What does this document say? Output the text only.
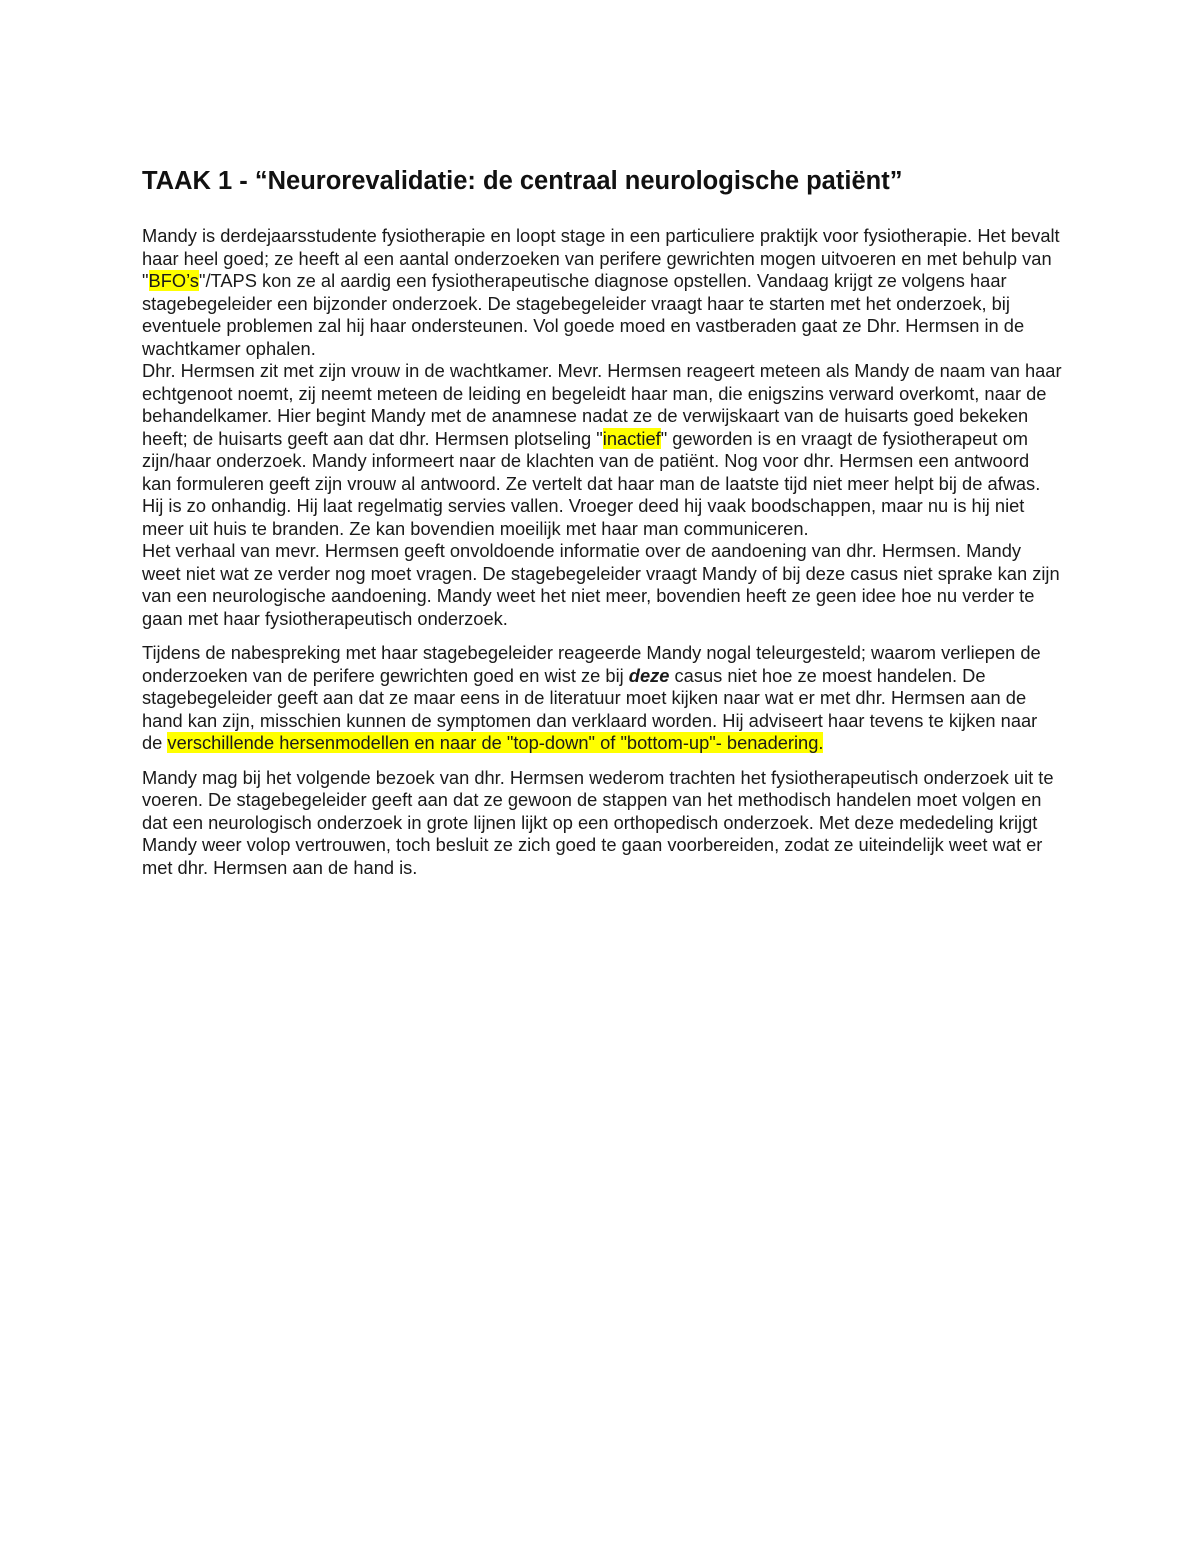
TAAK 1 - “Neurorevalidatie: de centraal neurologische patiënt”

Mandy is derdejaarsstudente fysiotherapie en loopt stage in een particuliere praktijk voor fysiotherapie. Het bevalt haar heel goed; ze heeft al een aantal onderzoeken van perifere gewrichten mogen uitvoeren en met behulp van "BFO’s"/TAPS kon ze al aardig een fysiotherapeutische diagnose opstellen. Vandaag krijgt ze volgens haar stagebegeleider een bijzonder onderzoek. De stagebegeleider vraagt haar te starten met het onderzoek, bij eventuele problemen zal hij haar ondersteunen. Vol goede moed en vastberaden gaat ze Dhr. Hermsen in de wachtkamer ophalen.

Dhr. Hermsen zit met zijn vrouw in de wachtkamer. Mevr. Hermsen reageert meteen als Mandy de naam van haar echtgenoot noemt, zij neemt meteen de leiding en begeleidt haar man, die enigszins verward overkomt, naar de behandelkamer. Hier begint Mandy met de anamnese nadat ze de verwijskaart van de huisarts goed bekeken heeft; de huisarts geeft aan dat dhr. Hermsen plotseling "inactief" geworden is en vraagt de fysiotherapeut om zijn/haar onderzoek. Mandy informeert naar de klachten van de patiënt. Nog voor dhr. Hermsen een antwoord kan formuleren geeft zijn vrouw al antwoord. Ze vertelt dat haar man de laatste tijd niet meer helpt bij de afwas. Hij is zo onhandig. Hij laat regelmatig servies vallen. Vroeger deed hij vaak boodschappen, maar nu is hij niet meer uit huis te branden. Ze kan bovendien moeilijk met haar man communiceren.

Het verhaal van mevr. Hermsen geeft onvoldoende informatie over de aandoening van dhr. Hermsen. Mandy weet niet wat ze verder nog moet vragen. De stagebegeleider vraagt Mandy of bij deze casus niet sprake kan zijn van een neurologische aandoening. Mandy weet het niet meer, bovendien heeft ze geen idee hoe nu verder te gaan met haar fysiotherapeutisch onderzoek.

Tijdens de nabespreking met haar stagebegeleider reageerde Mandy nogal teleurgesteld; waarom verliepen de onderzoeken van de perifere gewrichten goed en wist ze bij deze casus niet hoe ze moest handelen. De stagebegeleider geeft aan dat ze maar eens in de literatuur moet kijken naar wat er met dhr. Hermsen aan de hand kan zijn, misschien kunnen de symptomen dan verklaard worden. Hij adviseert haar tevens te kijken naar de verschillende hersenmodellen en naar de "top-down" of "bottom-up"- benadering.

Mandy mag bij het volgende bezoek van dhr. Hermsen wederom trachten het fysiotherapeutisch onderzoek uit te voeren. De stagebegeleider geeft aan dat ze gewoon de stappen van het methodisch handelen moet volgen en dat een neurologisch onderzoek in grote lijnen lijkt op een orthopedisch onderzoek. Met deze mededeling krijgt Mandy weer volop vertrouwen, toch besluit ze zich goed te gaan voorbereiden, zodat ze uiteindelijk weet wat er met dhr. Hermsen aan de hand is.
